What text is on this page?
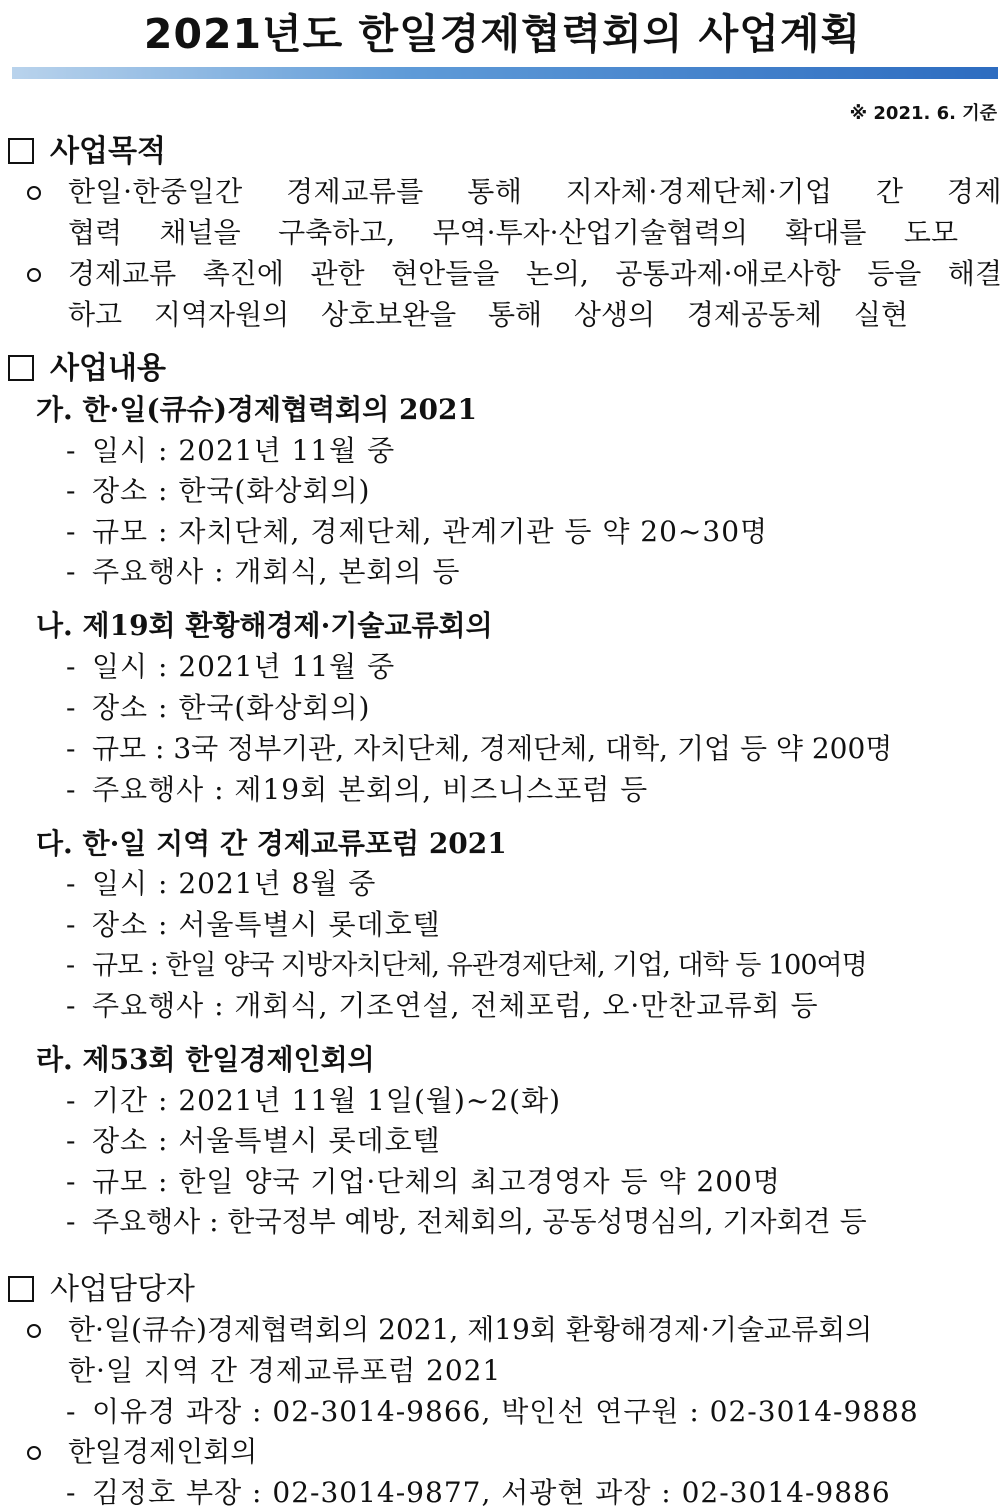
2021년도 한일경제협력회의 사업계획
※ 2021. 6. 기준
사업목적
한일·한중일간 경제교류를 통해 지자체·경제단체·기업 간 경제
협력 채널을 구축하고, 무역·투자·산업기술협력의 확대를 도모
경제교류 촉진에 관한 현안들을 논의, 공통과제·애로사항 등을 해결
하고 지역자원의 상호보완을 통해 상생의 경제공동체 실현
사업내용
가. 한·일(큐슈)경제협력회의 2021
- 일시 : 2021년 11월 중
- 장소 : 한국(화상회의)
- 규모 : 자치단체, 경제단체, 관계기관 등 약 20~30명
- 주요행사 : 개회식, 본회의 등
나. 제19회 환황해경제·기술교류회의
- 일시 : 2021년 11월 중
- 장소 : 한국(화상회의)
- 규모 : 3국 정부기관, 자치단체, 경제단체, 대학, 기업 등 약 200명
- 주요행사 : 제19회 본회의, 비즈니스포럼 등
다. 한·일 지역 간 경제교류포럼 2021
- 일시 : 2021년 8월 중
- 장소 : 서울특별시 롯데호텔
- 규모 : 한일 양국 지방자치단체, 유관경제단체, 기업, 대학 등 100여명
- 주요행사 : 개회식, 기조연설, 전체포럼, 오·만찬교류회 등
라. 제53회 한일경제인회의
- 기간 : 2021년 11월 1일(월)~2(화)
- 장소 : 서울특별시 롯데호텔
- 규모 : 한일 양국 기업·단체의 최고경영자 등 약 200명
- 주요행사 : 한국정부 예방, 전체회의, 공동성명심의, 기자회견 등
사업담당자
한·일(큐슈)경제협력회의 2021, 제19회 환황해경제·기술교류회의
한·일 지역 간 경제교류포럼 2021
- 이유경 과장 : 02-3014-9866, 박인선 연구원 : 02-3014-9888
한일경제인회의
- 김정호 부장 : 02-3014-9877, 서광현 과장 : 02-3014-9886
